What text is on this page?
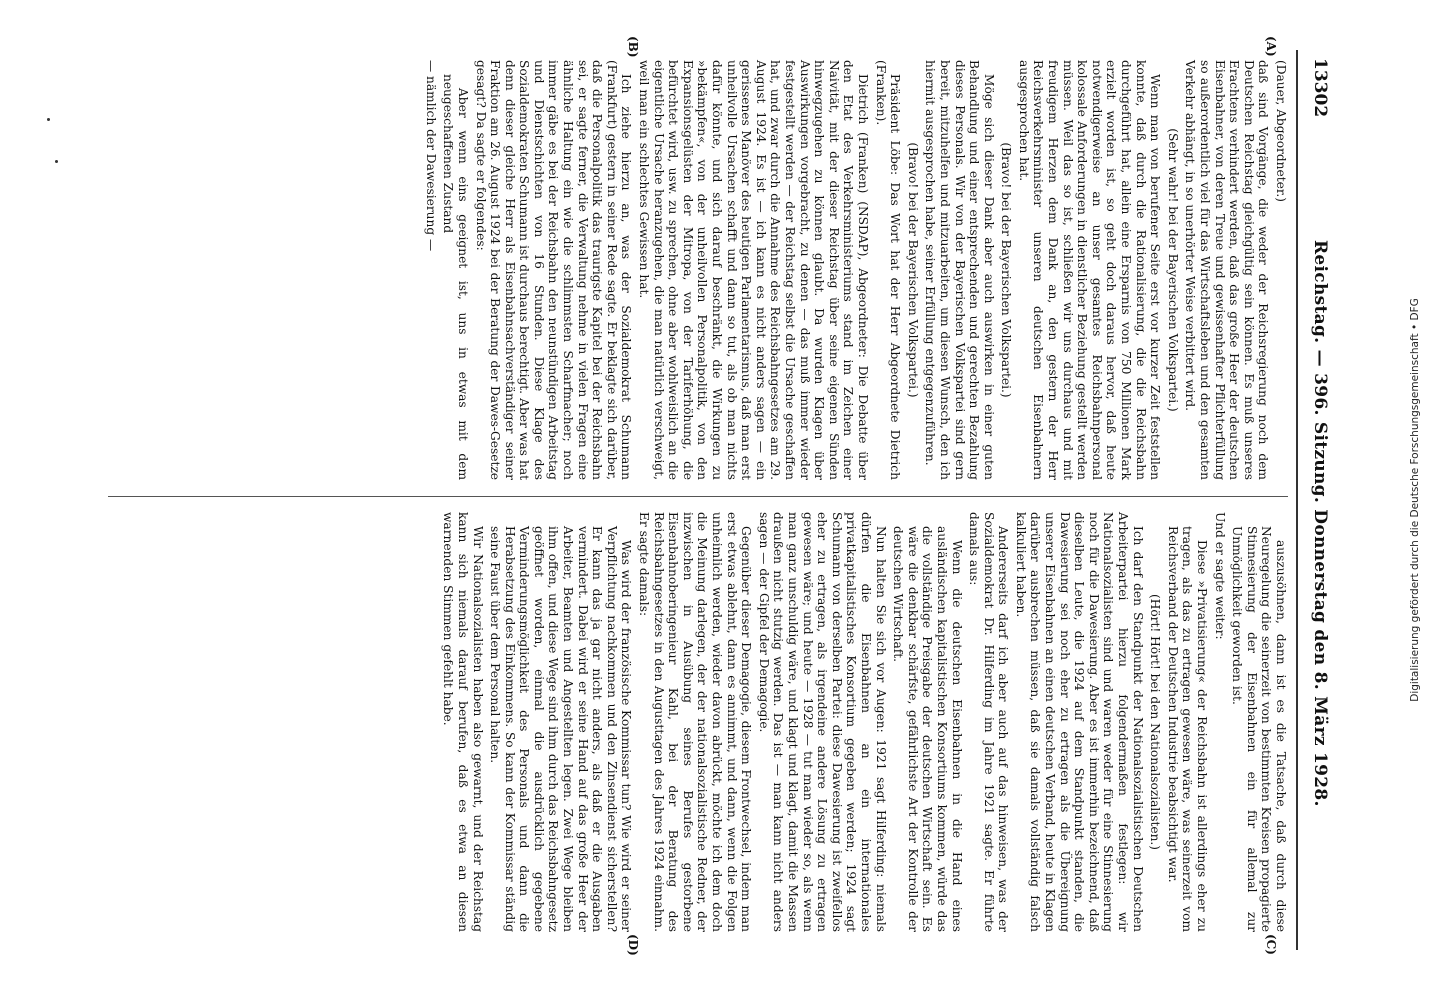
13302
Reichstag. — 396. Sitzung. Donnerstag den 8. März 1928.
(A)
(B)
(C)
(D)

(Dauer, Abgeordneter.)

daß sind Vorgänge, die weder der Reichsregierung noch dem Deutschen Reichstag gleichgültig sein können. Es muß unseres Erachtens verhindert werden, daß das große Heer der deutschen Eisenbahner, von deren Treue und gewissenhafter Pflichterfüllung so außerordentlich viel für das Wirtschaftsleben und den gesamten Verkehr abhängt, in so unerhörter Weise verbittert wird.

(Sehr wahr! bei der Bayerischen Volkspartei.)

Wenn man von berufener Seite erst vor kurzer Zeit feststellen konnte, daß durch die Rationalisierung, die die Reichsbahn durchgeführt hat, allein eine Ersparnis von 750 Millionen Mark erzielt worden ist, so geht doch daraus hervor, daß heute notwendigerweise an unser gesamtes Reichsbahnpersonal kolossale Anforderungen in dienstlicher Beziehung gestellt werden müssen. Weil das so ist, schließen wir uns durchaus und mit freudigem Herzen dem Dank an, den gestern der Herr Reichsverkehrsminister unseren deutschen Eisenbahnern ausgesprochen hat.

(Bravo! bei der Bayerischen Volkspartei.)

Möge sich dieser Dank aber auch auswirken in einer guten Behandlung und einer entsprechenden und gerechten Bezahlung dieses Personals. Wir von der Bayerischen Volkspartei sind gern bereit, mitzuhelfen und mitzuarbeiten, um diesen Wunsch, den ich hiermit ausgesprochen habe, seiner Erfüllung entgegenzuführen.

(Bravo! bei der Bayerischen Volkspartei.)

Präsident Löbe: Das Wort hat der Herr Abgeordnete Dietrich (Franken).

Dietrich (Franken) (NSDAP), Abgeordneter: Die Debatte über den Etat des Verkehrsministeriums stand im Zeichen einer Naivität, mit der dieser Reichstag über seine eigenen Sünden hinwegzugehen zu können glaubt. Da wurden Klagen über Auswirkungen vorgebracht, zu denen — das muß immer wieder festgestellt werden — der Reichstag selbst die Ursache geschaffen hat, und zwar durch die Annahme des Reichsbahngesetzes am 29. August 1924. Es ist — ich kann es nicht anders sagen — ein gerissenes Manöver des heutigen Parlamentarismus, daß man erst unheilvolle Ursachen schafft und dann so tut, als ob man nichts dafür könnte, und sich darauf beschränkt, die Wirkungen zu »bekämpfen«, von der unheilvollen Personalpolitik, von den Expansionsgelüsten der Mitropa, von der Tariferhöhung, die befürchtet wird, usw. zu sprechen, ohne aber wohlweislich an die eigentliche Ursache heranzugehen, die man natürlich verschweigt, weil man ein schlechtes Gewissen hat.

Ich ziehe hierzu an, was der Sozialdemokrat Schumann (Frankfurt) gestern in seiner Rede sagte. Er beklagte sich darüber, daß die Personalpolitik das traurigste Kapitel bei der Reichsbahn sei, er sagte ferner, die Verwaltung nehme in vielen Fragen eine ähnliche Haltung ein wie die schlimmsten Scharfmacher; noch immer gäbe es bei der Reichsbahn den neunstündigen Arbeitstag und Dienstschichten von 16 Stunden. Diese Klage des Sozialdemokraten Schumann ist durchaus berechtigt. Aber was hat denn dieser gleiche Herr als Eisenbahnsachverständiger seiner Fraktion am 26. August 1924 bei der Beratung der Dawes-Gesetze gesagt? Da sagte er folgendes:

Aber wenn eins geeignet ist, uns in etwas mit dem neugeschaffenen Zustand

— nämlich der Dawesierung —

auszusöhnen, dann ist es die Tatsache, daß durch diese Neuregelung die seinerzeit von bestimmten Kreisen propagierte Stinnesierung der Eisenbahnen ein für allemal zur Unmöglichkeit geworden ist.

Und er sagte weiter:

Diese »Privatisierung« der Reichsbahn ist allerdings eher zu tragen, als das zu ertragen gewesen wäre, was seinerzeit vom Reichsverband der Deutschen Industrie beabsichtigt war.

(Hört! Hört! bei den Nationalsozialisten.)

Ich darf den Standpunkt der Nationalsozialistischen Deutschen Arbeiterpartei hierzu folgendermaßen festlegen: wir Nationalsozialisten sind und waren weder für eine Stinnesierung noch für die Dawesierung. Aber es ist immerhin bezeichnend, daß dieselben Leute, die 1924 auf dem Standpunkt standen, die Dawesierung sei noch eher zu ertragen als die Übereignung unserer Eisenbahnen an einen deutschen Verband, heute in Klagen darüber ausbrechen müssen, daß sie damals vollständig falsch kalkuliert haben.

Andererseits darf ich aber auch auf das hinweisen, was der Sozialdemokrat Dr. Hilferding im Jahre 1921 sagte. Er führte damals aus:

Wenn die deutschen Eisenbahnen in die Hand eines ausländischen kapitalistischen Konsortiums kommen, würde das die vollständige Preisgabe der deutschen Wirtschaft sein. Es wäre die denkbar schärfste, gefährlichste Art der Kontrolle der deutschen Wirtschaft.

Nun halten Sie sich vor Augen: 1921 sagt Hilferding: niemals dürfen die Eisenbahnen an ein internationales privatkapitalistisches Konsortium gegeben werden; 1924 sagt Schumann von derselben Partei: diese Dawesierung ist zweifellos eher zu ertragen, als irgendeine andere Lösung zu ertragen gewesen wäre; und heute — 1928 — tut man wieder so, als wenn man ganz unschuldig wäre, und klagt und klagt, damit die Massen draußen nicht stutzig werden. Das ist — man kann nicht anders sagen — der Gipfel der Demagogie.

Gegenüber dieser Demagogie, diesem Frontwechsel, indem man erst etwas ablehnt, dann es annimmt, und dann, wenn die Folgen unheimlich werden, wieder davon abrückt, möchte ich dem doch die Meinung darlegen, der der nationalsozialistische Redner, der inzwischen in Ausübung seines Berufes gestorbene Eisenbahnoberingenieur Kahl, bei der Beratung des Reichsbahngesetzes in den Augusttagen des Jahres 1924 einnahm. Er sagte damals:

Was wird der französische Kommissar tun? Wie wird er seiner Verpflichtung nachkommen und den Zinsendienst sicherstellen? Er kann das ja gar nicht anders, als daß er die Ausgaben vermindert. Dabei wird er seine Hand auf das große Heer der Arbeiter, Beamten und Angestellten legen. Zwei Wege bleiben ihm offen, und diese Wege sind ihm durch das Reichsbahngesetz geöffnet worden, einmal die ausdrücklich gegebene Verminderungsmöglichkeit des Personals und dann die Herabsetzung des Einkommens. So kann der Kommissar ständig seine Faust über dem Personal halten.

Wir Nationalsozialisten haben also gewarnt, und der Reichstag kann sich niemals darauf berufen, daß es etwa an diesen warnenden Stimmen gefehlt habe.	Digitalisierung gefördert durch die Deutsche Forschungsgemeinschaft • DFG
